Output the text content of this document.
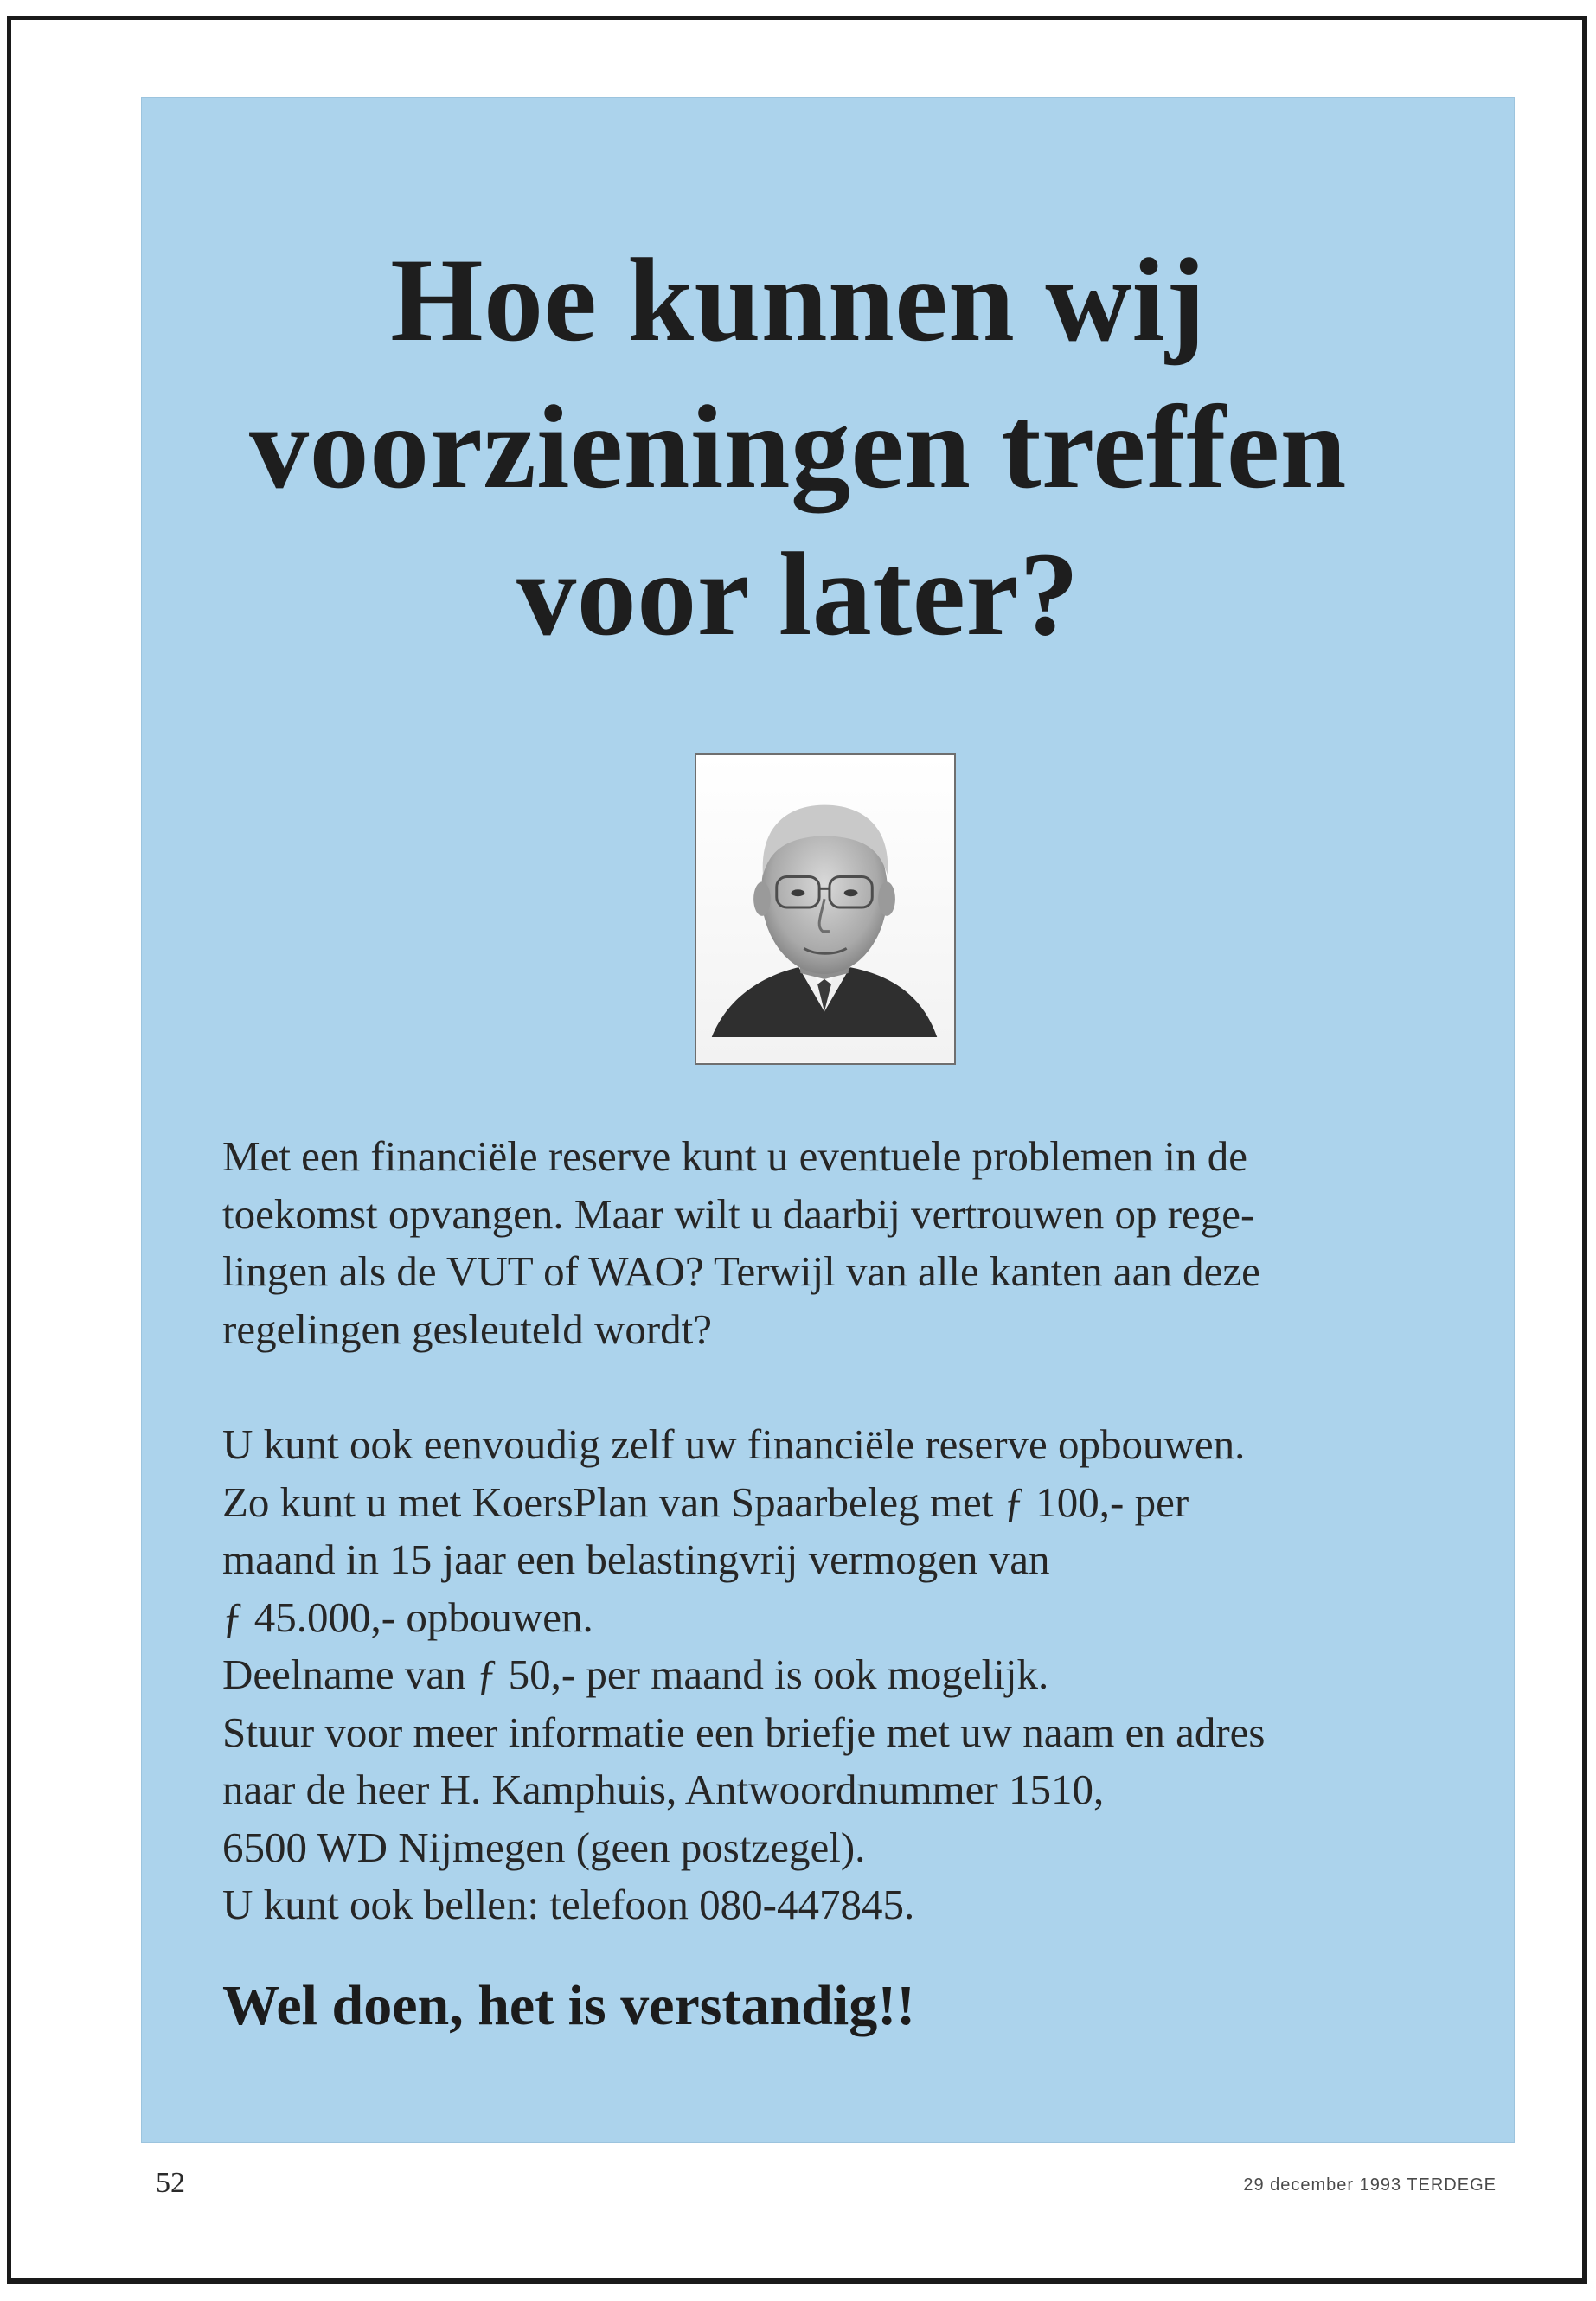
Hoe kunnen wij
voorzieningen treffen
voor later?

Met een financiële reserve kunt u eventuele problemen in de
toekomst opvangen. Maar wilt u daarbij vertrouwen op rege-
lingen als de VUT of WAO? Terwijl van alle kanten aan deze
regelingen gesleuteld wordt?

U kunt ook eenvoudig zelf uw financiële reserve opbouwen.
Zo kunt u met KoersPlan van Spaarbeleg met ƒ 100,- per
maand in 15 jaar een belastingvrij vermogen van
ƒ 45.000,- opbouwen.
Deelname van ƒ 50,- per maand is ook mogelijk.
Stuur voor meer informatie een briefje met uw naam en adres
naar de heer H. Kamphuis, Antwoordnummer 1510,
6500 WD Nijmegen (geen postzegel).
U kunt ook bellen: telefoon 080-447845.

Wel doen, het is verstandig!!

52	29 december 1993 TERDEGE
